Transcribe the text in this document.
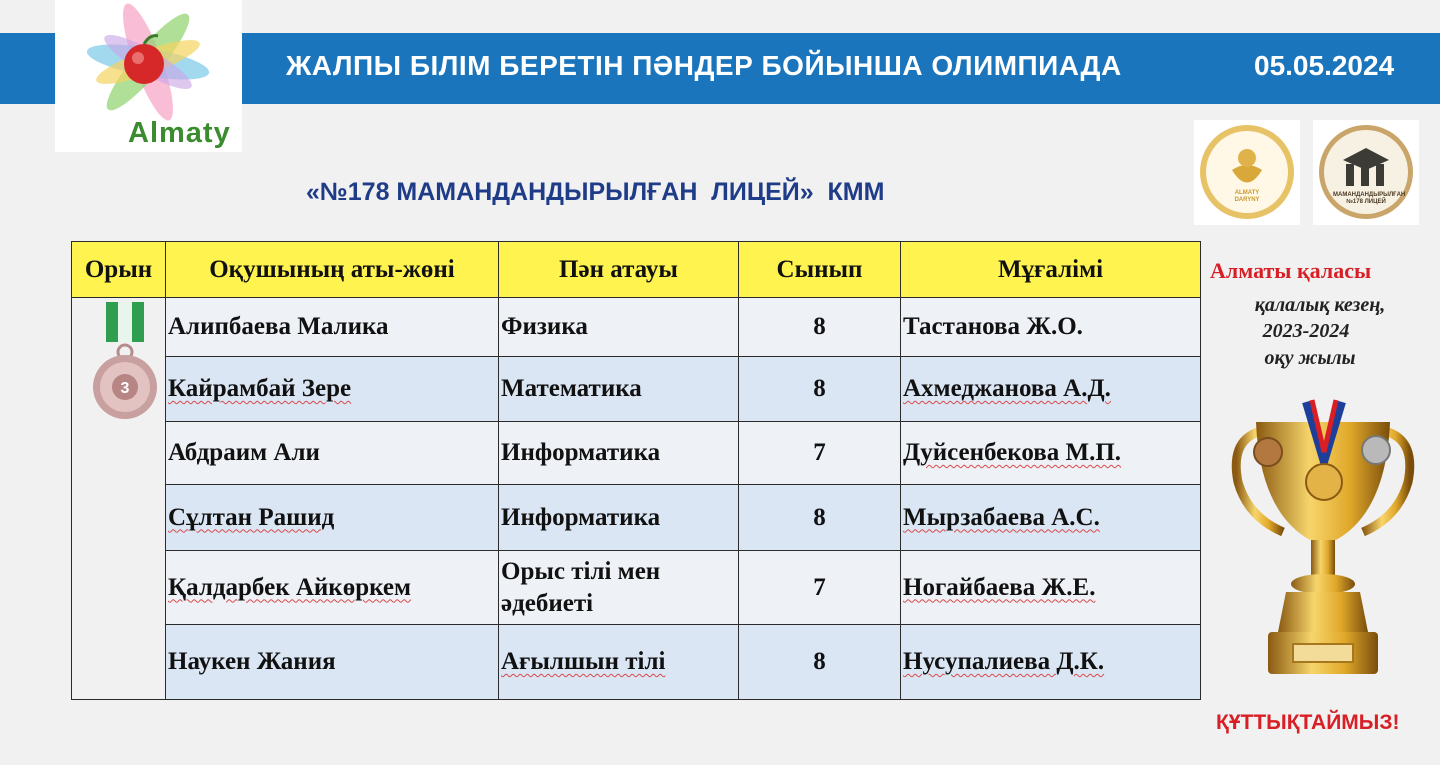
ЖАЛПЫ БІЛІМ БЕРЕТІН ПӘНДЕР БОЙЫНША ОЛИМПИАДА	05.05.2024
Almaty
«№178 МАМАНДАНДЫРЫЛҒАН  ЛИЦЕЙ»  КММ	ALMATY DARYNY
МАМАНДАНДЫРЫЛҒАН №178 ЛИЦЕЙ
Орын	Оқушының аты-жөні	Пән атауы	Сынып	Мұғалімі
	Алипбаева Малика	Физика	8	Тастанова Ж.О.
	Кайрамбай Зере	Математика	8	Ахмеджанова А.Д.
	Абдраим Али	Информатика	7	Дуйсенбекова М.П.
	Сұлтан Рашид	Информатика	8	Мырзабаева А.С.
	Қалдарбек Айкөркем	Орыс тілі мен әдебиеті	7	Ногайбаева Ж.Е.
	Наукен Жания	Ағылшын тілі	8	Нусупалиева Д.К.
3
Алматы қаласы
қалалық кезең,
2023-2024
оқу жылы
ҚҰТТЫҚТАЙМЫЗ!
